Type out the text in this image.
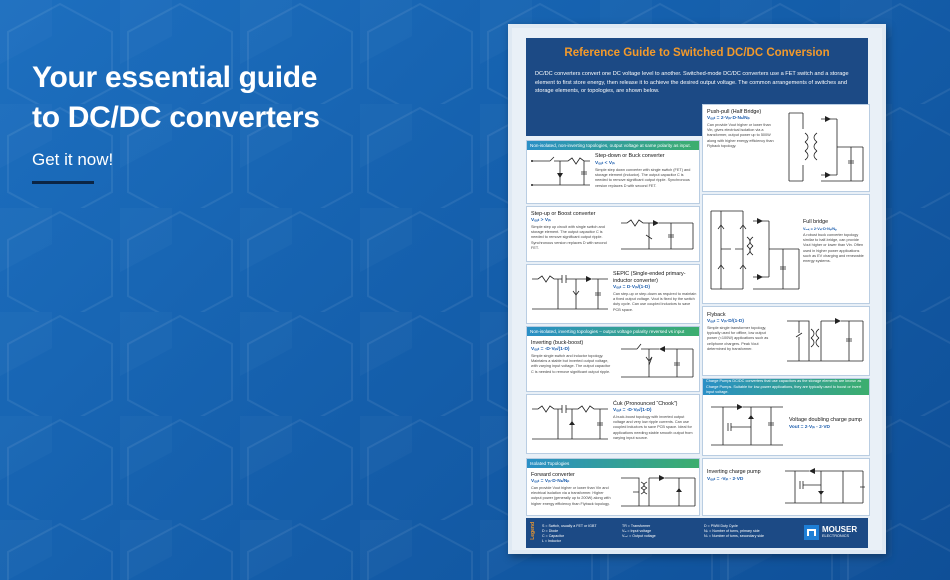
Your essential guide
to DC/DC converters
Get it now!
Reference Guide to Switched DC/DC Conversion
DC/DC converters convert one DC voltage level to another. Switched-mode DC/DC converters use a FET switch and a storage element to first store energy, then release it to achieve the desired output voltage. The common arrangements of switches and storage elements, or topologies, are shown below.
Non-isolated, non-inverting topologies, output voltage at same polarity as input.
Step-down or Buck converter
Vₒᵤₜ < Vᵢₙ
Simple step down converter with single switch (FET) and storage element (inductor). The output capacitor C is needed to remove significant output ripple. Synchronous version replaces D with second FET.
Step-up or Boost converter
Vₒᵤₜ > Vᵢₙ
Simple step up circuit with single switch and storage element. The output capacitor C is needed to remove significant output ripple. Synchronous version replaces D with second FET.
SEPIC (Single-ended primary-inductor converter)
Vₒᵤₜ = D·Vᵢₙ/(1-D)
Can step-up or step-down as required to maintain a fixed output voltage. Vout is fixed by the switch duty cycle. Can use coupled inductors to save PCB space.
Non-isolated, inverting topologies – output voltage polarity reversed vs input
Inverting (buck-boost)
Vₒᵤₜ = -D·Vᵢₙ/(1-D)
Simple single switch and inductor topology. Maintains a stable but inverted output voltage, with varying input voltage. The output capacitor C is needed to remove significant output ripple.
Ćuk (Pronounced “Chook”)
Vₒᵤₜ = -D·Vᵢₙ/(1-D)
A buck-boost topology with inverted output voltage and very low ripple currents. Can use coupled inductors to save PCB space. Ideal for applications needing stable smooth output from varying input source.
Isolated Topologies
Forward converter
Vₒᵤₜ = Vᵢₙ·D·Nₛ/Nₚ
Can provide Vout higher or lower than Vin and electrical isolation via a transformer. Higher output power (generally up to 200W) along with higher energy efficiency than Flyback topology.
Push-pull (Half Bridge)
Vₒᵤₜ = 2·Vᵢₙ·D·Nₛ/Nₚ
Can provide Vout higher or lower than Vin, gives electrical isolation via a transformer, output power up to 500W along with higher energy efficiency than Flyback topology.
Full bridge
Vₒᵤₜ = 2·Vᵢₙ·D·Nₛ/Nₚ
A robust buck converter topology similar to half-bridge, can provide Vout higher or lower than Vin. Often used in higher power applications such as EV charging and renewable energy systems.
Flyback
Vₒᵤₜ = Vᵢₙ·D/(1-D)
Simple single transformer topology, typically used for offline, low output power (<100W) applications such as cellphone chargers. Peak Vout determined by transformer.
Charge Pumps DC/DC converters that use capacitors as the storage elements are known as Charge Pumps. Suitable for low-power applications, they are typically used to boost or invert input voltage.
Voltage doubling charge pump
Vout = 2·Vᵢₙ - 2·VD
Inverting charge pump
Vₒᵤₜ = -Vᵢₙ - 2·VD
Legend S = Switch, usually a FET or IGBT
D = Diode
C = Capacitor
L = Inductor
TR = Transformer
Vᵢₙ = Input voltage
Vₒᵤₜ = Output voltage
D = PWM Duty Cycle
Nₚ = Number of turns, primary side
Nₛ = Number of turns, secondary side
MOUSER
ELECTRONICS
